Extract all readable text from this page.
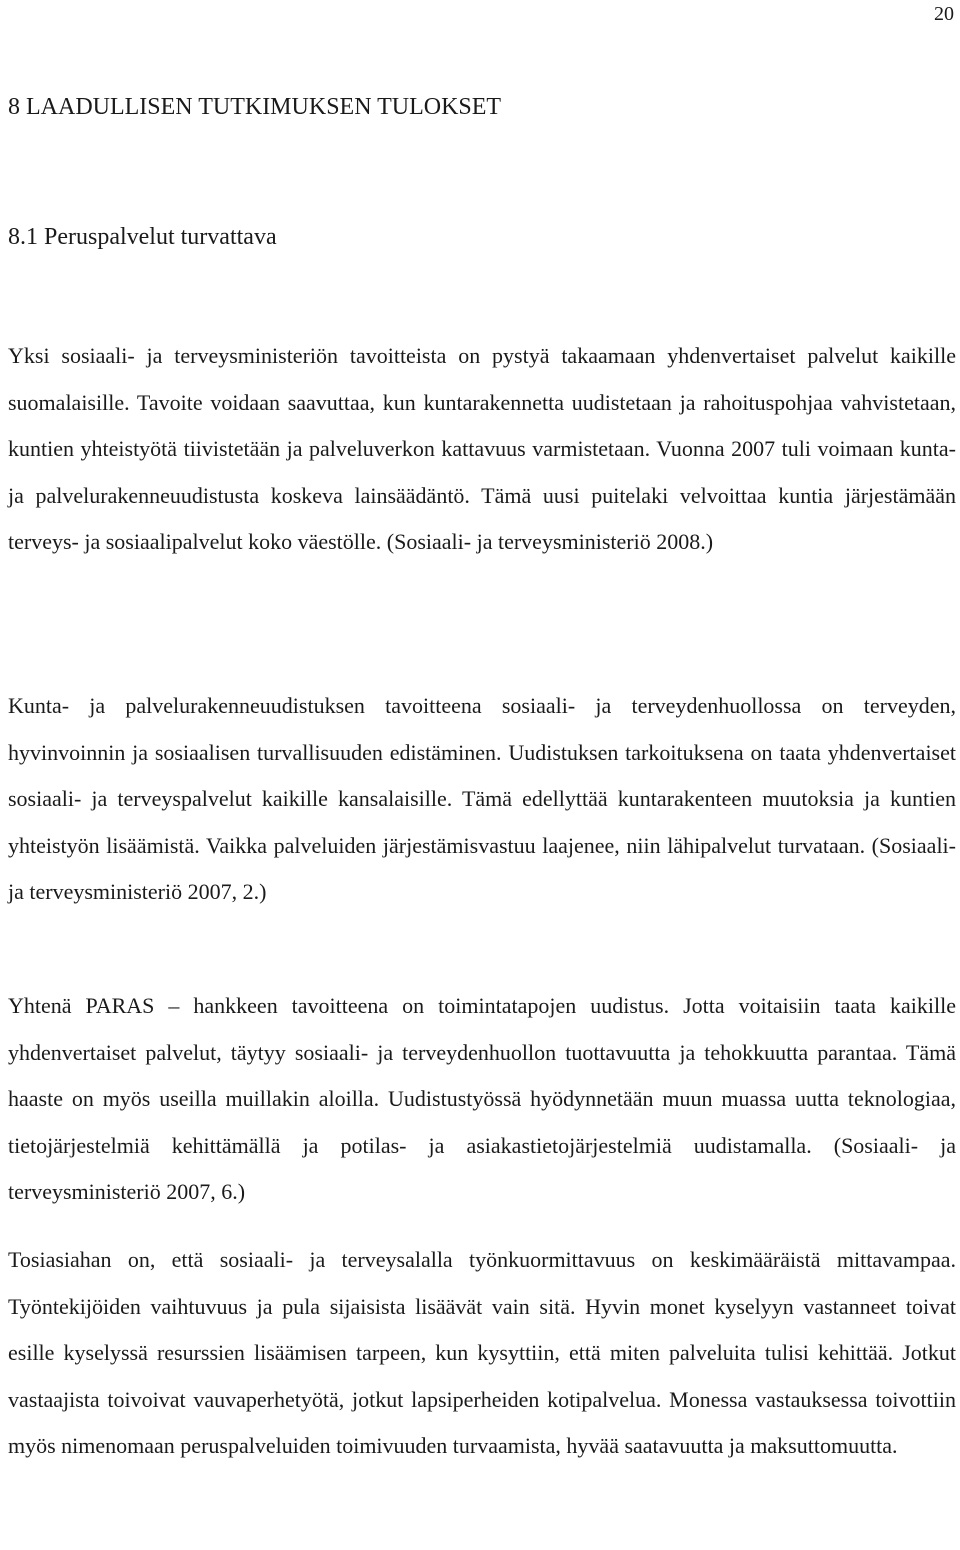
20
8 LAADULLISEN TUTKIMUKSEN TULOKSET
8.1 Peruspalvelut turvattava

Yksi sosiaali- ja terveysministeriön tavoitteista on pystyä takaamaan yhdenvertaiset palvelut kaikille suomalaisille. Tavoite voidaan saavuttaa, kun kuntarakennetta uudistetaan ja rahoituspohjaa vahvistetaan, kuntien yhteistyötä tiivistetään ja palveluverkon kattavuus varmistetaan. Vuonna 2007 tuli voimaan kunta- ja palvelurakenneuudistusta koskeva lainsäädäntö. Tämä uusi puitelaki velvoittaa kuntia järjestämään terveys- ja sosiaalipalvelut koko väestölle. (Sosiaali- ja terveysministeriö 2008.)

Kunta- ja palvelurakenneuudistuksen tavoitteena sosiaali- ja terveydenhuollossa on terveyden, hyvinvoinnin ja sosiaalisen turvallisuuden edistäminen. Uudistuksen tarkoituksena on taata yhdenvertaiset sosiaali- ja terveyspalvelut kaikille kansalaisille. Tämä edellyttää kuntarakenteen muutoksia ja kuntien yhteistyön lisäämistä. Vaikka palveluiden järjestämisvastuu laajenee, niin lähipalvelut turvataan. (Sosiaali- ja terveysministeriö 2007, 2.)

Yhtenä PARAS – hankkeen tavoitteena on toimintatapojen uudistus. Jotta voitaisiin taata kaikille yhdenvertaiset palvelut, täytyy sosiaali- ja terveydenhuollon tuottavuutta ja tehokkuutta parantaa. Tämä haaste on myös useilla muillakin aloilla. Uudistustyössä hyödynnetään muun muassa uutta teknologiaa, tietojärjestelmiä kehittämällä ja potilas- ja asiakastietojärjestelmiä uudistamalla. (Sosiaali- ja terveysministeriö 2007, 6.)

Tosiasiahan on, että sosiaali- ja terveysalalla työnkuormittavuus on keskimääräistä mittavampaa. Työntekijöiden vaihtuvuus ja pula sijaisista lisäävät vain sitä. Hyvin monet kyselyyn vastanneet toivat esille kyselyssä resurssien lisäämisen tarpeen, kun kysyttiin, että miten palveluita tulisi kehittää. Jotkut vastaajista toivoivat vauvaperhetyötä, jotkut lapsiperheiden kotipalvelua. Monessa vastauksessa toivottiin myös nimenomaan peruspalveluiden toimivuuden turvaamista, hyvää saatavuutta ja maksuttomuutta.
